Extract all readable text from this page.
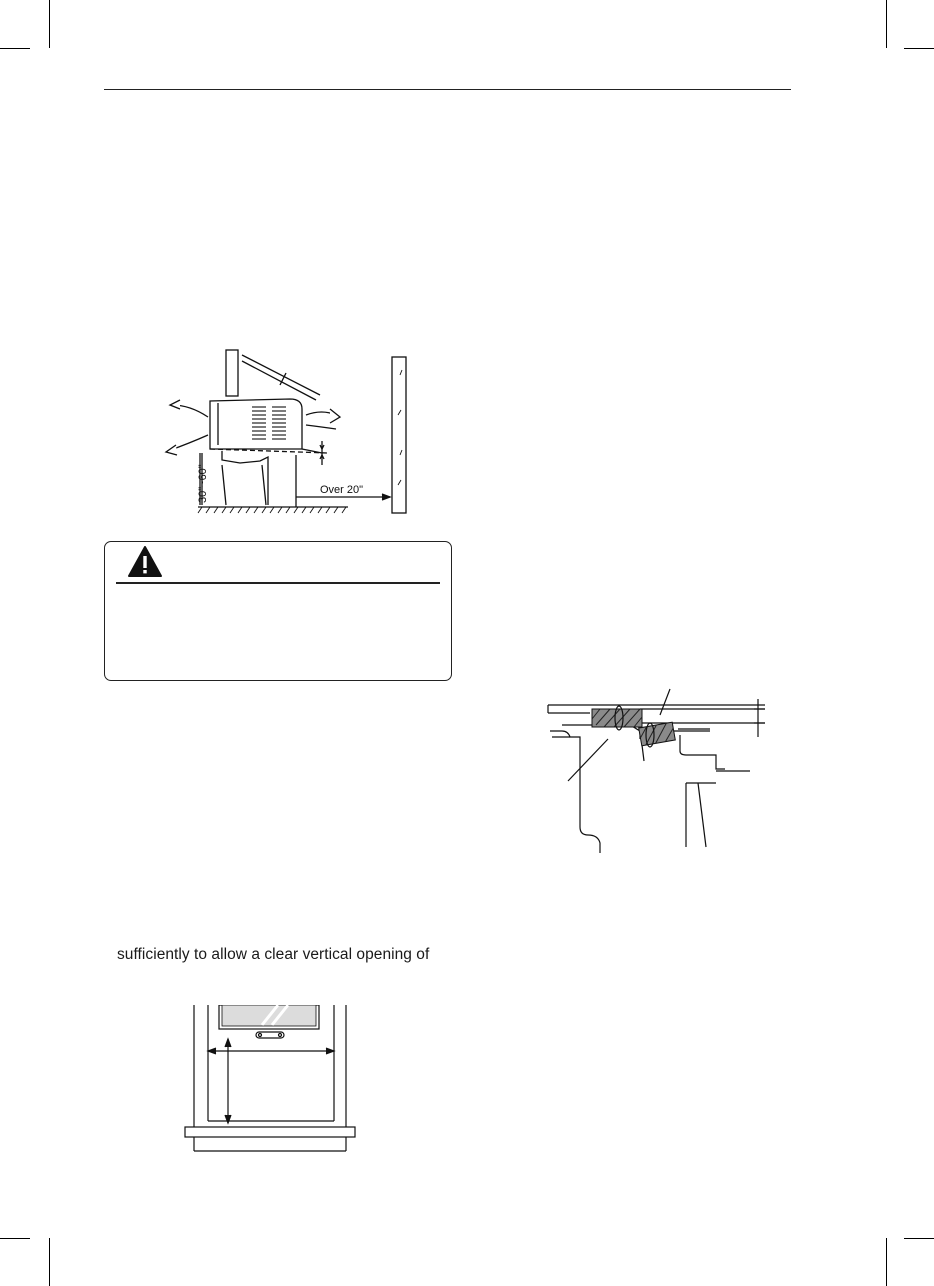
30"~60"	Over 20"
sufficiently to allow a clear vertical opening of
